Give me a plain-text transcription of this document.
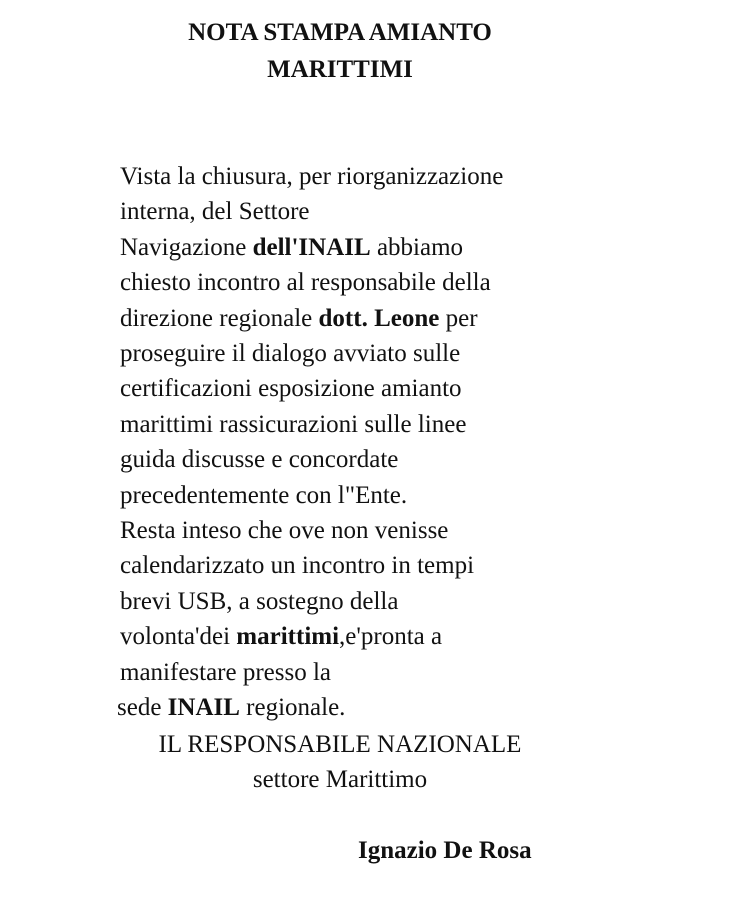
NOTA STAMPA AMIANTO
MARITTIMI
Vista la chiusura, per riorganizzazione
interna, del Settore
Navigazione dell'INAIL abbiamo
chiesto incontro al responsabile della
direzione regionale dott. Leone per
proseguire il dialogo avviato sulle
certificazioni esposizione amianto
marittimi rassicurazioni sulle linee
guida discusse e concordate
precedentemente con l"Ente.
Resta inteso che ove non venisse
calendarizzato un incontro in tempi
brevi USB, a sostegno della
volonta'dei marittimi,e'pronta a
manifestare presso la
sede INAIL regionale.
IL RESPONSABILE NAZIONALE
settore Marittimo
Ignazio De Rosa
